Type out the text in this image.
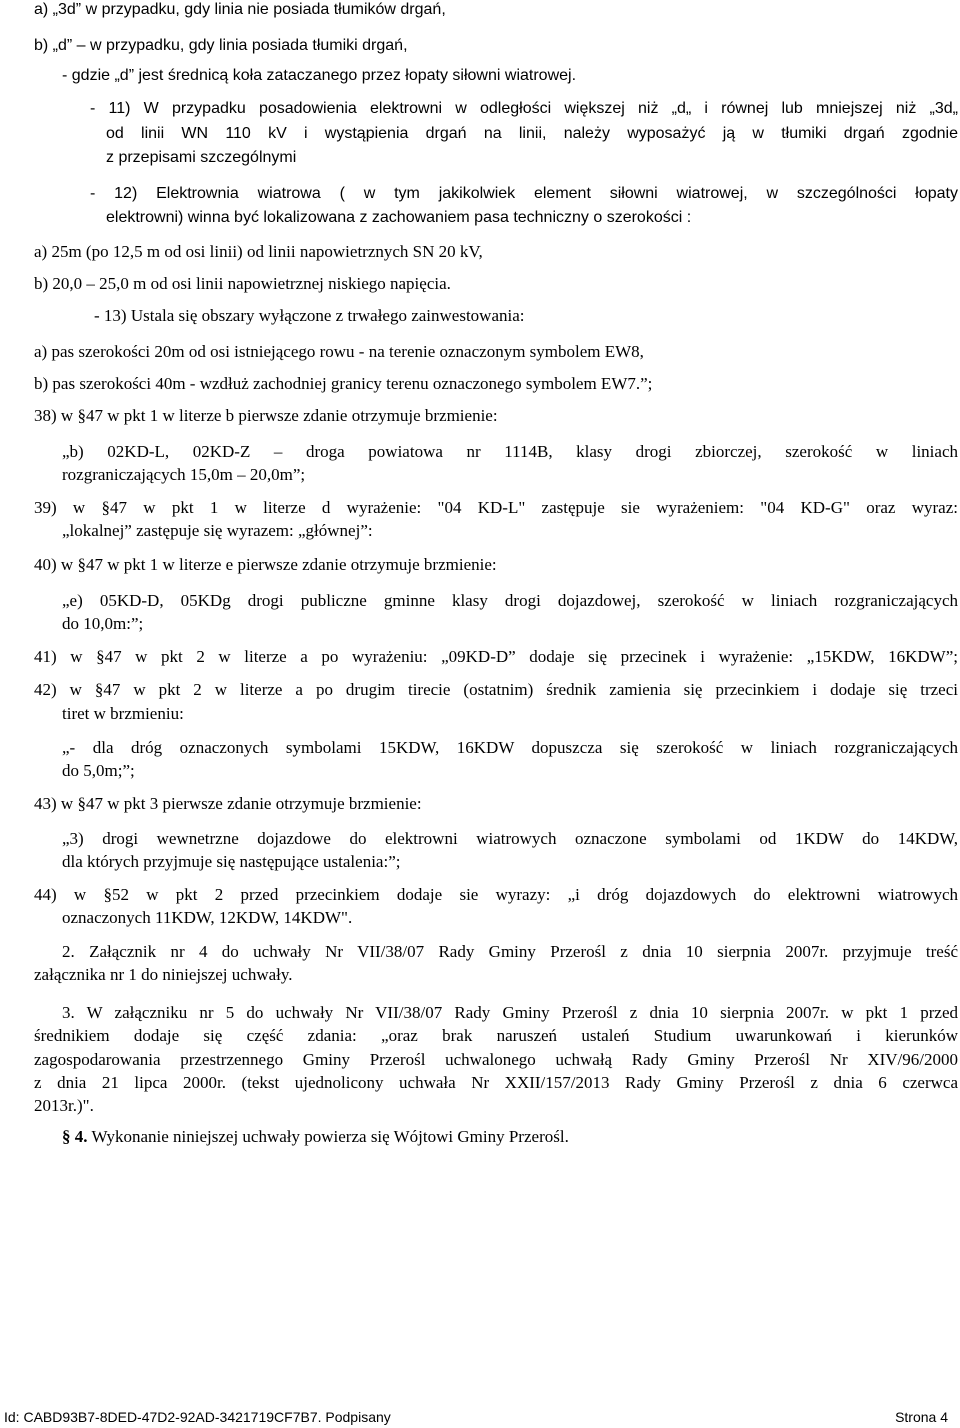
a) „3d” w przypadku, gdy linia nie posiada tłumików drgań,
b) „d” – w przypadku, gdy linia posiada tłumiki drgań,
- gdzie „d” jest średnicą koła zataczanego przez łopaty siłowni wiatrowej.
- 11) W przypadku posadowienia elektrowni w odległości większej niż „d„ i równej lub mniejszej niż „3d„
od linii WN 110 kV i wystąpienia drgań na linii, należy wyposażyć ją w tłumiki drgań zgodnie
z przepisami szczególnymi
- 12) Elektrownia wiatrowa ( w tym jakikolwiek element siłowni wiatrowej, w szczególności łopaty
elektrowni) winna być lokalizowana z zachowaniem pasa techniczny o szerokości :
a) 25m (po 12,5 m od osi linii) od linii napowietrznych SN 20 kV,
b) 20,0 – 25,0 m od osi linii napowietrznej niskiego napięcia.
- 13) Ustala się obszary wyłączone z trwałego zainwestowania:
a) pas szerokości 20m od osi istniejącego rowu - na terenie oznaczonym symbolem EW8,
b) pas szerokości 40m - wzdłuż zachodniej granicy terenu oznaczonego symbolem EW7.”;
38) w §47 w pkt 1 w literze b pierwsze zdanie otrzymuje brzmienie:
„b) 02KD-L, 02KD-Z – droga powiatowa nr 1114B, klasy drogi zbiorczej, szerokość w liniach
rozgraniczających 15,0m – 20,0m”;
39) w §47 w pkt 1 w literze d wyrażenie: "04 KD-L" zastępuje sie wyrażeniem: "04 KD-G" oraz wyraz:
„lokalnej” zastępuje się wyrazem: „głównej”:
40) w §47 w pkt 1 w literze e pierwsze zdanie otrzymuje brzmienie:
„e) 05KD-D, 05KDg drogi publiczne gminne klasy drogi dojazdowej, szerokość w liniach rozgraniczających
do 10,0m:”;
41) w §47 w pkt 2 w literze a po wyrażeniu: „09KD-D” dodaje się przecinek i wyrażenie: „15KDW, 16KDW”;
42) w §47 w pkt 2 w literze a po drugim tirecie (ostatnim) średnik zamienia się przecinkiem i dodaje się trzeci
tiret w brzmieniu:
„- dla dróg oznaczonych symbolami 15KDW, 16KDW dopuszcza się szerokość w liniach rozgraniczających
do 5,0m;”;
43) w §47 w pkt 3 pierwsze zdanie otrzymuje brzmienie:
„3) drogi wewnetrzne dojazdowe do elektrowni wiatrowych oznaczone symbolami od 1KDW do 14KDW,
dla których przyjmuje się następujące ustalenia:”;
44) w §52 w pkt 2 przed przecinkiem dodaje sie wyrazy: „i dróg dojazdowych do elektrowni wiatrowych
oznaczonych 11KDW, 12KDW, 14KDW".
2. Załącznik nr 4 do uchwały Nr VII/38/07 Rady Gminy Przerośl z dnia 10 sierpnia 2007r. przyjmuje treść
załącznika nr 1 do niniejszej uchwały.
3. W załączniku nr 5 do uchwały Nr VII/38/07 Rady Gminy Przerośl z dnia 10 sierpnia 2007r. w pkt 1 przed
średnikiem dodaje się część zdania: „oraz brak naruszeń ustaleń Studium uwarunkowań i kierunków
zagospodarowania przestrzennego Gminy Przerośl uchwalonego uchwałą Rady Gminy Przerośl Nr XIV/96/2000
z dnia 21 lipca 2000r. (tekst ujednolicony uchwała Nr XXII/157/2013 Rady Gminy Przerośl z dnia 6 czerwca
2013r.)".
§ 4. Wykonanie niniejszej uchwały powierza się Wójtowi Gminy Przerośl.
Id: CABD93B7-8DED-47D2-92AD-3421719CF7B7. Podpisany	Strona 4
